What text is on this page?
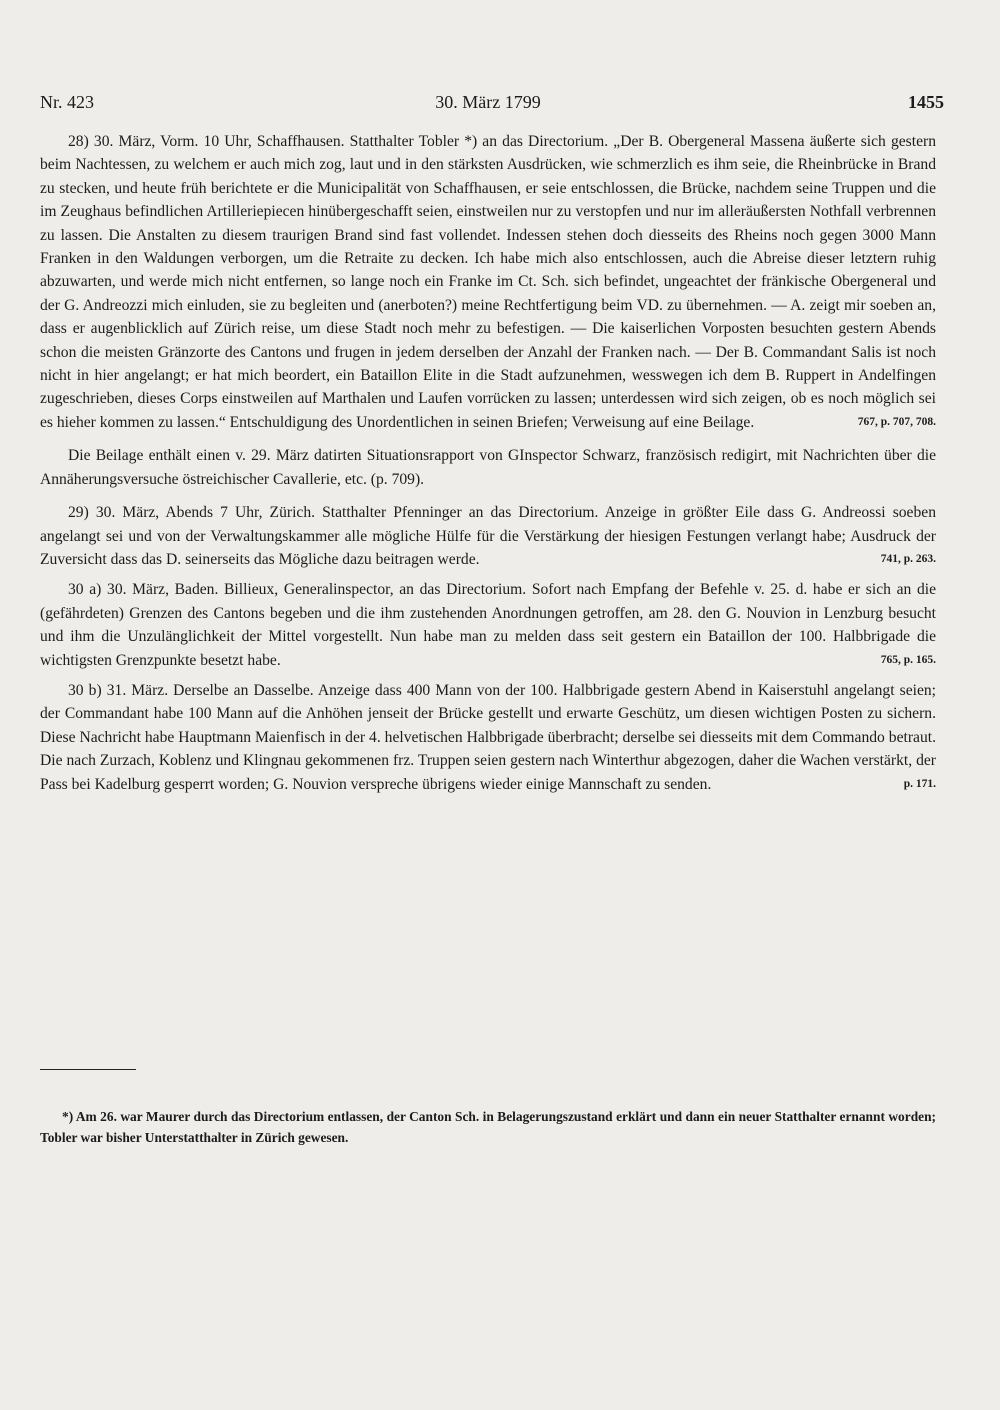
Nr. 423	30. März 1799	1455

28) 30. März, Vorm. 10 Uhr, Schaffhausen. Statthalter Tobler *) an das Directorium. „Der B. Obergeneral Massena äußerte sich gestern beim Nachtessen, zu welchem er auch mich zog, laut und in den stärksten Ausdrücken, wie schmerzlich es ihm seie, die Rheinbrücke in Brand zu stecken, und heute früh berichtete er die Municipalität von Schaffhausen, er seie entschlossen, die Brücke, nachdem seine Truppen und die im Zeughaus befindlichen Artilleriepiecen hinübergeschafft seien, einstweilen nur zu verstopfen und nur im alleräußersten Nothfall verbrennen zu lassen. Die Anstalten zu diesem traurigen Brand sind fast vollendet. Indessen stehen doch diesseits des Rheins noch gegen 3000 Mann Franken in den Waldungen verborgen, um die Retraite zu decken. Ich habe mich also entschlossen, auch die Abreise dieser letztern ruhig abzuwarten, und werde mich nicht entfernen, so lange noch ein Franke im Ct. Sch. sich befindet, ungeachtet der fränkische Obergeneral und der G. Andreozzi mich einluden, sie zu begleiten und (anerboten?) meine Rechtfertigung beim VD. zu übernehmen. — A. zeigt mir soeben an, dass er augenblicklich auf Zürich reise, um diese Stadt noch mehr zu befestigen. — Die kaiserlichen Vorposten besuchten gestern Abends schon die meisten Gränzorte des Cantons und frugen in jedem derselben der Anzahl der Franken nach. — Der B. Commandant Salis ist noch nicht in hier angelangt; er hat mich beordert, ein Bataillon Elite in die Stadt aufzunehmen, wesswegen ich dem B. Ruppert in Andelfingen zugeschrieben, dieses Corps einstweilen auf Marthalen und Laufen vorrücken zu lassen; unterdessen wird sich zeigen, ob es noch möglich sei es hieher kommen zu lassen.“ Entschuldigung des Unordentlichen in seinen Briefen; Verweisung auf eine Beilage.	767, p. 707, 708.

Die Beilage enthält einen v. 29. März datirten Situationsrapport von GInspector Schwarz, französisch redigirt, mit Nachrichten über die Annäherungsversuche östreichischer Cavallerie, etc. (p. 709).

29) 30. März, Abends 7 Uhr, Zürich. Statthalter Pfenninger an das Directorium. Anzeige in größter Eile dass G. Andreossi soeben angelangt sei und von der Verwaltungskammer alle mögliche Hülfe für die Verstärkung der hiesigen Festungen verlangt habe; Ausdruck der Zuversicht dass das D. seinerseits das Mögliche dazu beitragen werde.	741, p. 263.

30 a) 30. März, Baden. Billieux, Generalinspector, an das Directorium. Sofort nach Empfang der Befehle v. 25. d. habe er sich an die (gefährdeten) Grenzen des Cantons begeben und die ihm zustehenden Anordnungen getroffen, am 28. den G. Nouvion in Lenzburg besucht und ihm die Unzulänglichkeit der Mittel vorgestellt. Nun habe man zu melden dass seit gestern ein Bataillon der 100. Halbbrigade die wichtigsten Grenzpunkte besetzt habe.	765, p. 165.

30 b) 31. März. Derselbe an Dasselbe. Anzeige dass 400 Mann von der 100. Halbbrigade gestern Abend in Kaiserstuhl angelangt seien; der Commandant habe 100 Mann auf die Anhöhen jenseit der Brücke gestellt und erwarte Geschütz, um diesen wichtigen Posten zu sichern. Diese Nachricht habe Hauptmann Maienfisch in der 4. helvetischen Halbbrigade überbracht; derselbe sei diesseits mit dem Commando betraut. Die nach Zurzach, Koblenz und Klingnau gekommenen frz. Truppen seien gestern nach Winterthur abgezogen, daher die Wachen verstärkt, der Pass bei Kadelburg gesperrt worden; G. Nouvion verspreche übrigens wieder einige Mannschaft zu senden.	p. 171.

*) Am 26. war Maurer durch das Directorium entlassen, der Canton Sch. in Belagerungszustand erklärt und dann ein neuer Statthalter ernannt worden; Tobler war bisher Unterstatthalter in Zürich gewesen.
